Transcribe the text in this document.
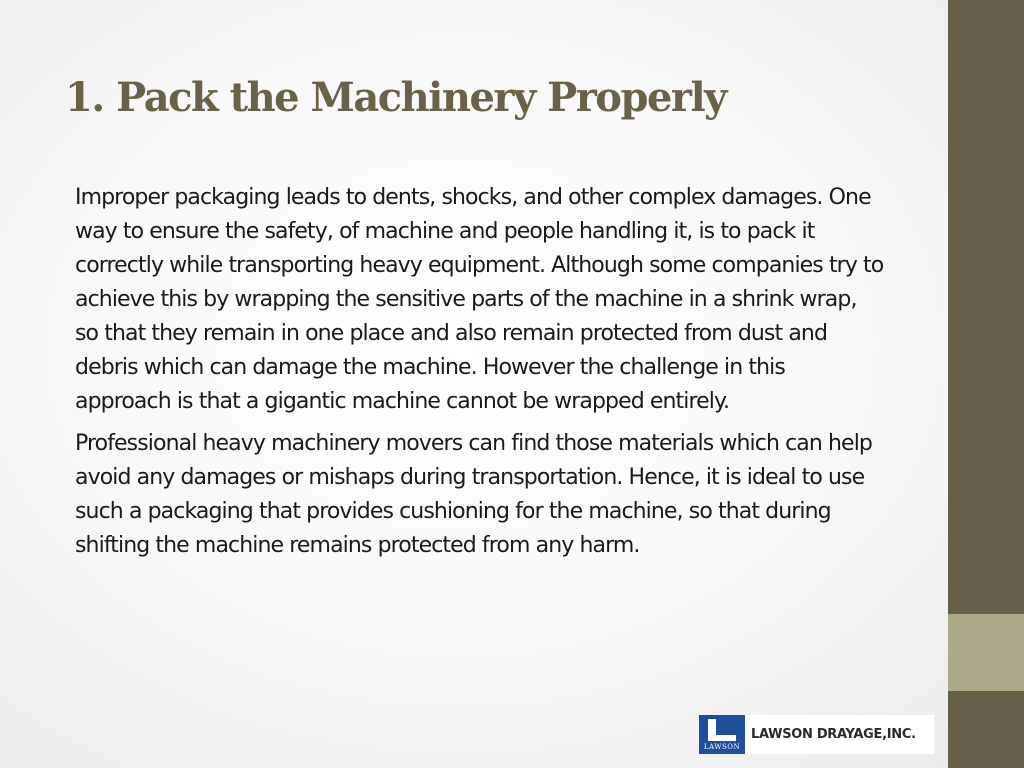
1. Pack the Machinery Properly

Improper packaging leads to dents, shocks, and other complex damages. One way to ensure the safety, of machine and people handling it, is to pack it correctly while transporting heavy equipment. Although some companies try to achieve this by wrapping the sensitive parts of the machine in a shrink wrap, so that they remain in one place and also remain protected from dust and debris which can damage the machine. However the challenge in this approach is that a gigantic machine cannot be wrapped entirely.

Professional heavy machinery movers can find those materials which can help avoid any damages or mishaps during transportation. Hence, it is ideal to use such a packaging that provides cushioning for the machine, so that during shifting the machine remains protected from any harm.

LAWSON
LAWSON DRAYAGE,INC.
